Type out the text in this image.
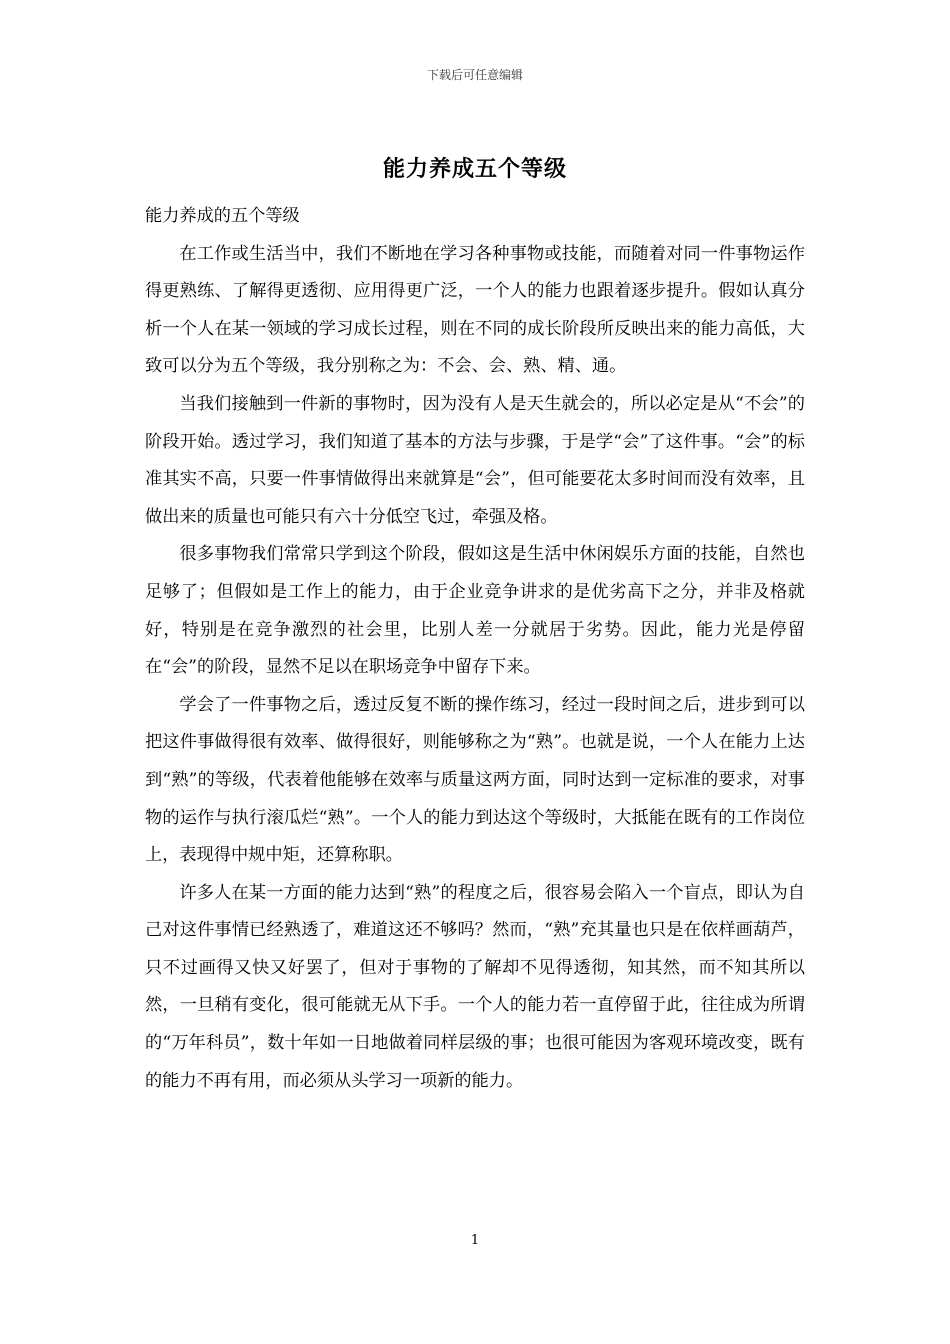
下载后可任意编辑
能力养成五个等级

能力养成的五个等级

在工作或生活当中，我们不断地在学习各种事物或技能，而随着对同一件事物运作得更熟练、了解得更透彻、应用得更广泛，一个人的能力也跟着逐步提升。假如认真分析一个人在某一领域的学习成长过程，则在不同的成长阶段所反映出来的能力高低，大致可以分为五个等级，我分别称之为：不会、会、熟、精、通。

当我们接触到一件新的事物时，因为没有人是天生就会的，所以必定是从“不会”的阶段开始。透过学习，我们知道了基本的方法与步骤，于是学“会”了这件事。“会”的标准其实不高，只要一件事情做得出来就算是“会”，但可能要花太多时间而没有效率，且做出来的质量也可能只有六十分低空飞过，牵强及格。

很多事物我们常常只学到这个阶段，假如这是生活中休闲娱乐方面的技能，自然也足够了；但假如是工作上的能力，由于企业竞争讲求的是优劣高下之分，并非及格就好，特别是在竞争激烈的社会里，比别人差一分就居于劣势。因此，能力光是停留在“会”的阶段，显然不足以在职场竞争中留存下来。

学会了一件事物之后，透过反复不断的操作练习，经过一段时间之后，进步到可以把这件事做得很有效率、做得很好，则能够称之为“熟”。也就是说，一个人在能力上达到“熟”的等级，代表着他能够在效率与质量这两方面，同时达到一定标准的要求，对事物的运作与执行滚瓜烂“熟”。一个人的能力到达这个等级时，大抵能在既有的工作岗位上，表现得中规中矩，还算称职。

许多人在某一方面的能力达到“熟”的程度之后，很容易会陷入一个盲点，即认为自己对这件事情已经熟透了，难道这还不够吗？然而，“熟”充其量也只是在依样画葫芦，只不过画得又快又好罢了，但对于事物的了解却不见得透彻，知其然，而不知其所以然，一旦稍有变化，很可能就无从下手。一个人的能力若一直停留于此，往往成为所谓的“万年科员”，数十年如一日地做着同样层级的事；也很可能因为客观环境改变，既有的能力不再有用，而必须从头学习一项新的能力。

1
